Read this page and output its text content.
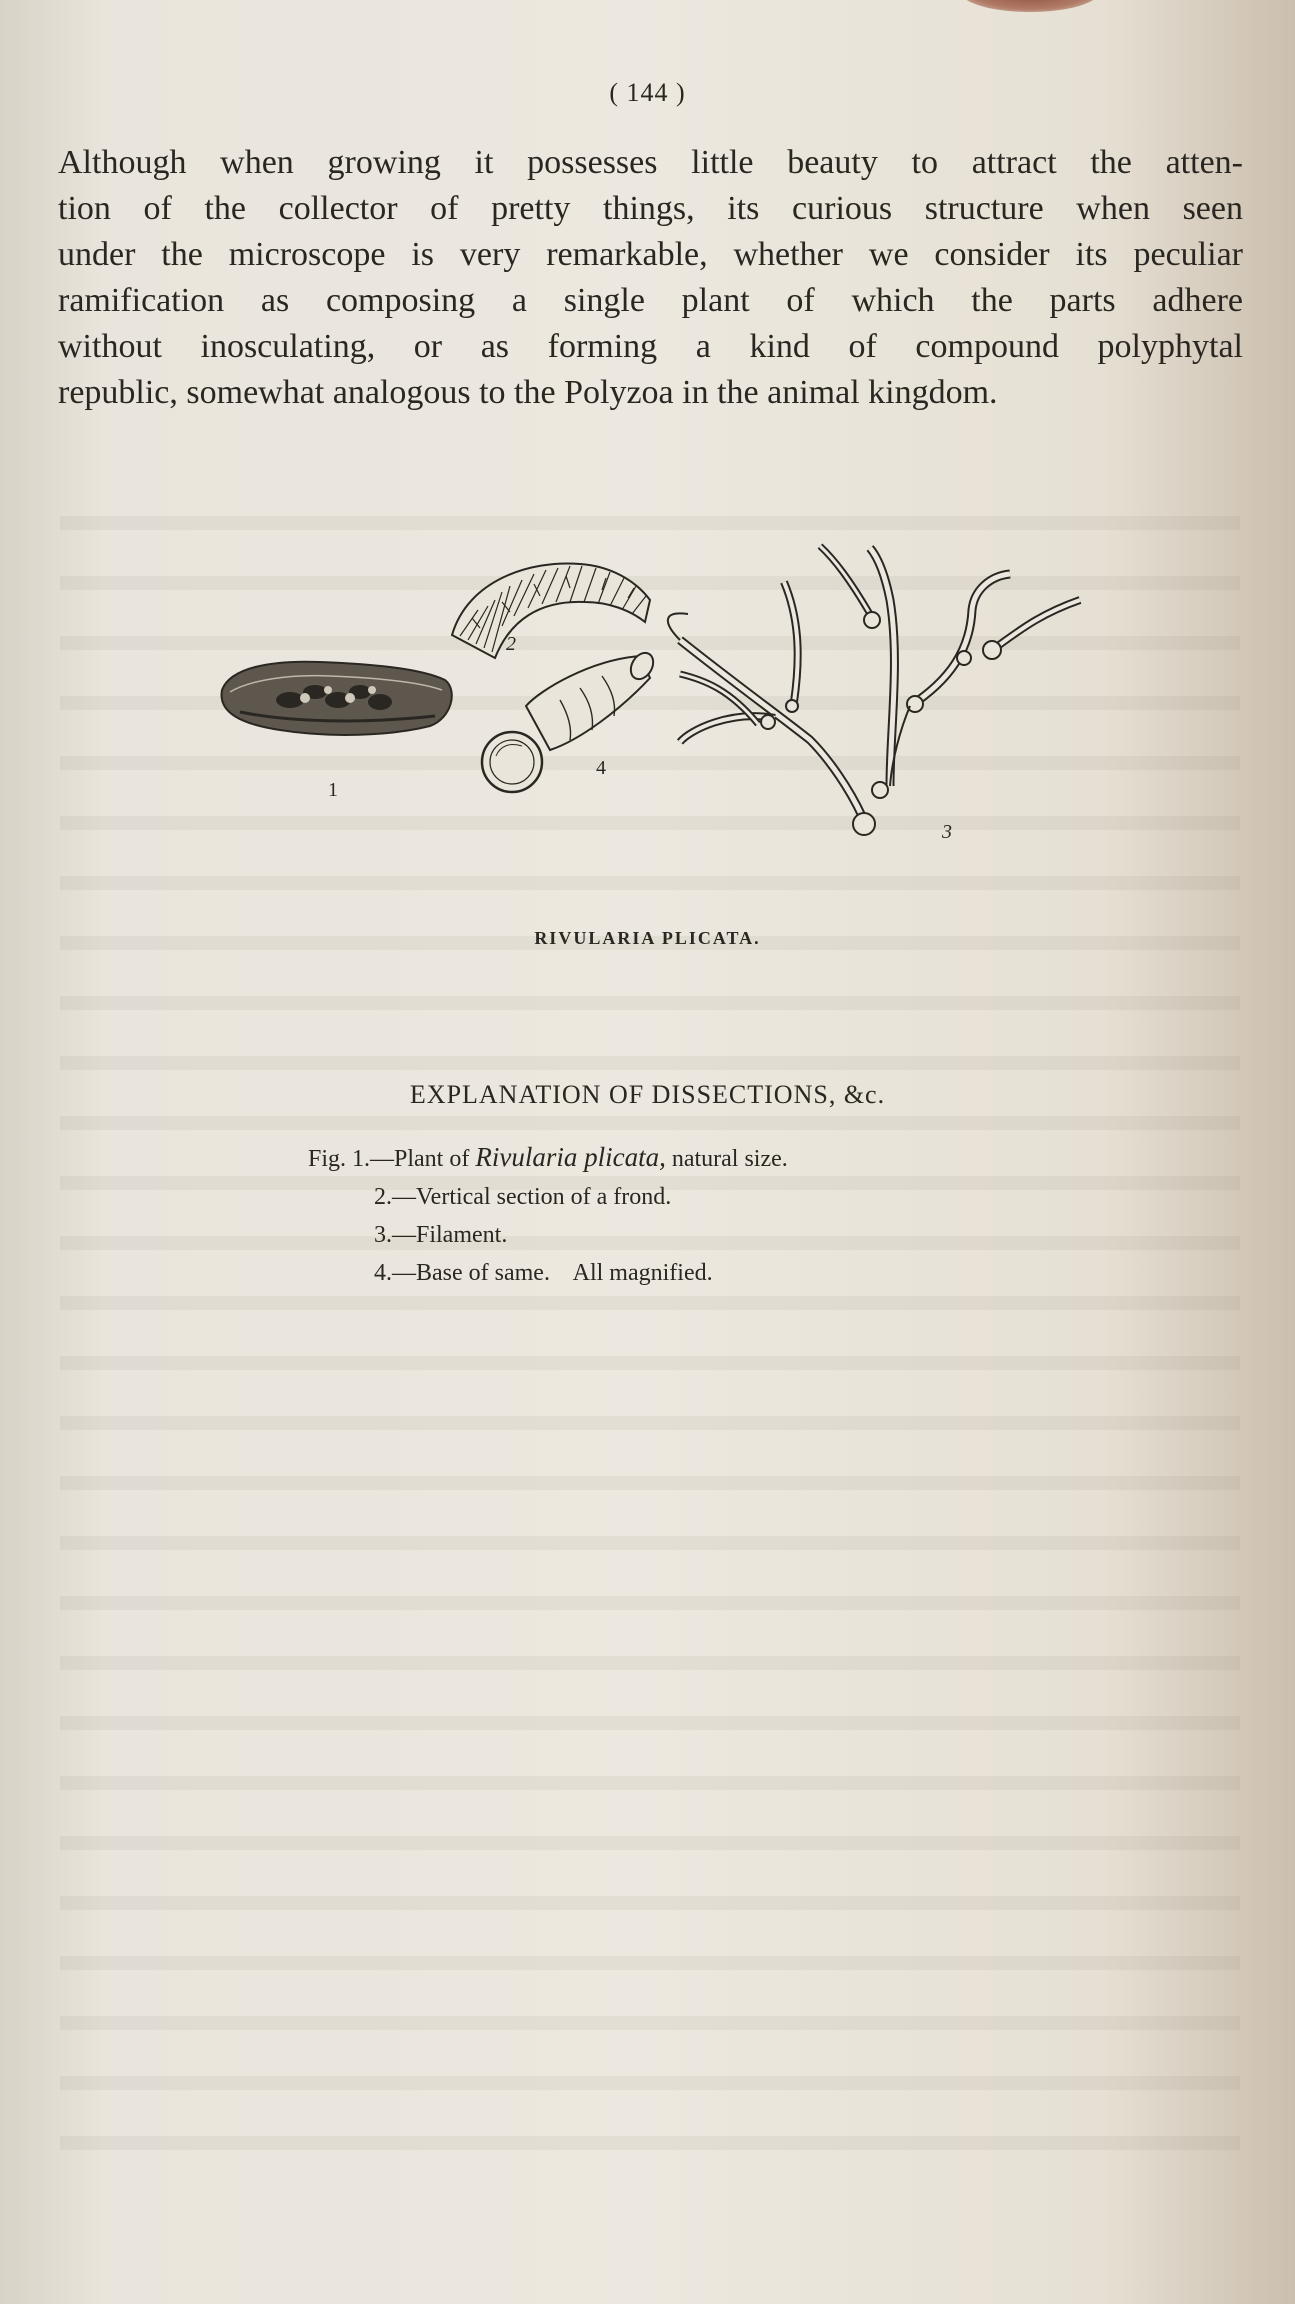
( 144 )
Although when growing it possesses little beauty to attract the atten-
tion of the collector of pretty things, its curious structure when seen
under the microscope is very remarkable, whether we consider its peculiar
ramification as composing a single plant of which the parts adhere
without inosculating, or as forming a kind of compound polyphytal
republic, somewhat analogous to the Polyzoa in the animal kingdom.
1
2
4
3
RIVULARIA PLICATA.
EXPLANATION OF DISSECTIONS, &c.
Fig. 1.—Plant of Rivularia plicata, natural size.
2.—Vertical section of a frond.
3.—Filament.
4.—Base of same.    All magnified.
